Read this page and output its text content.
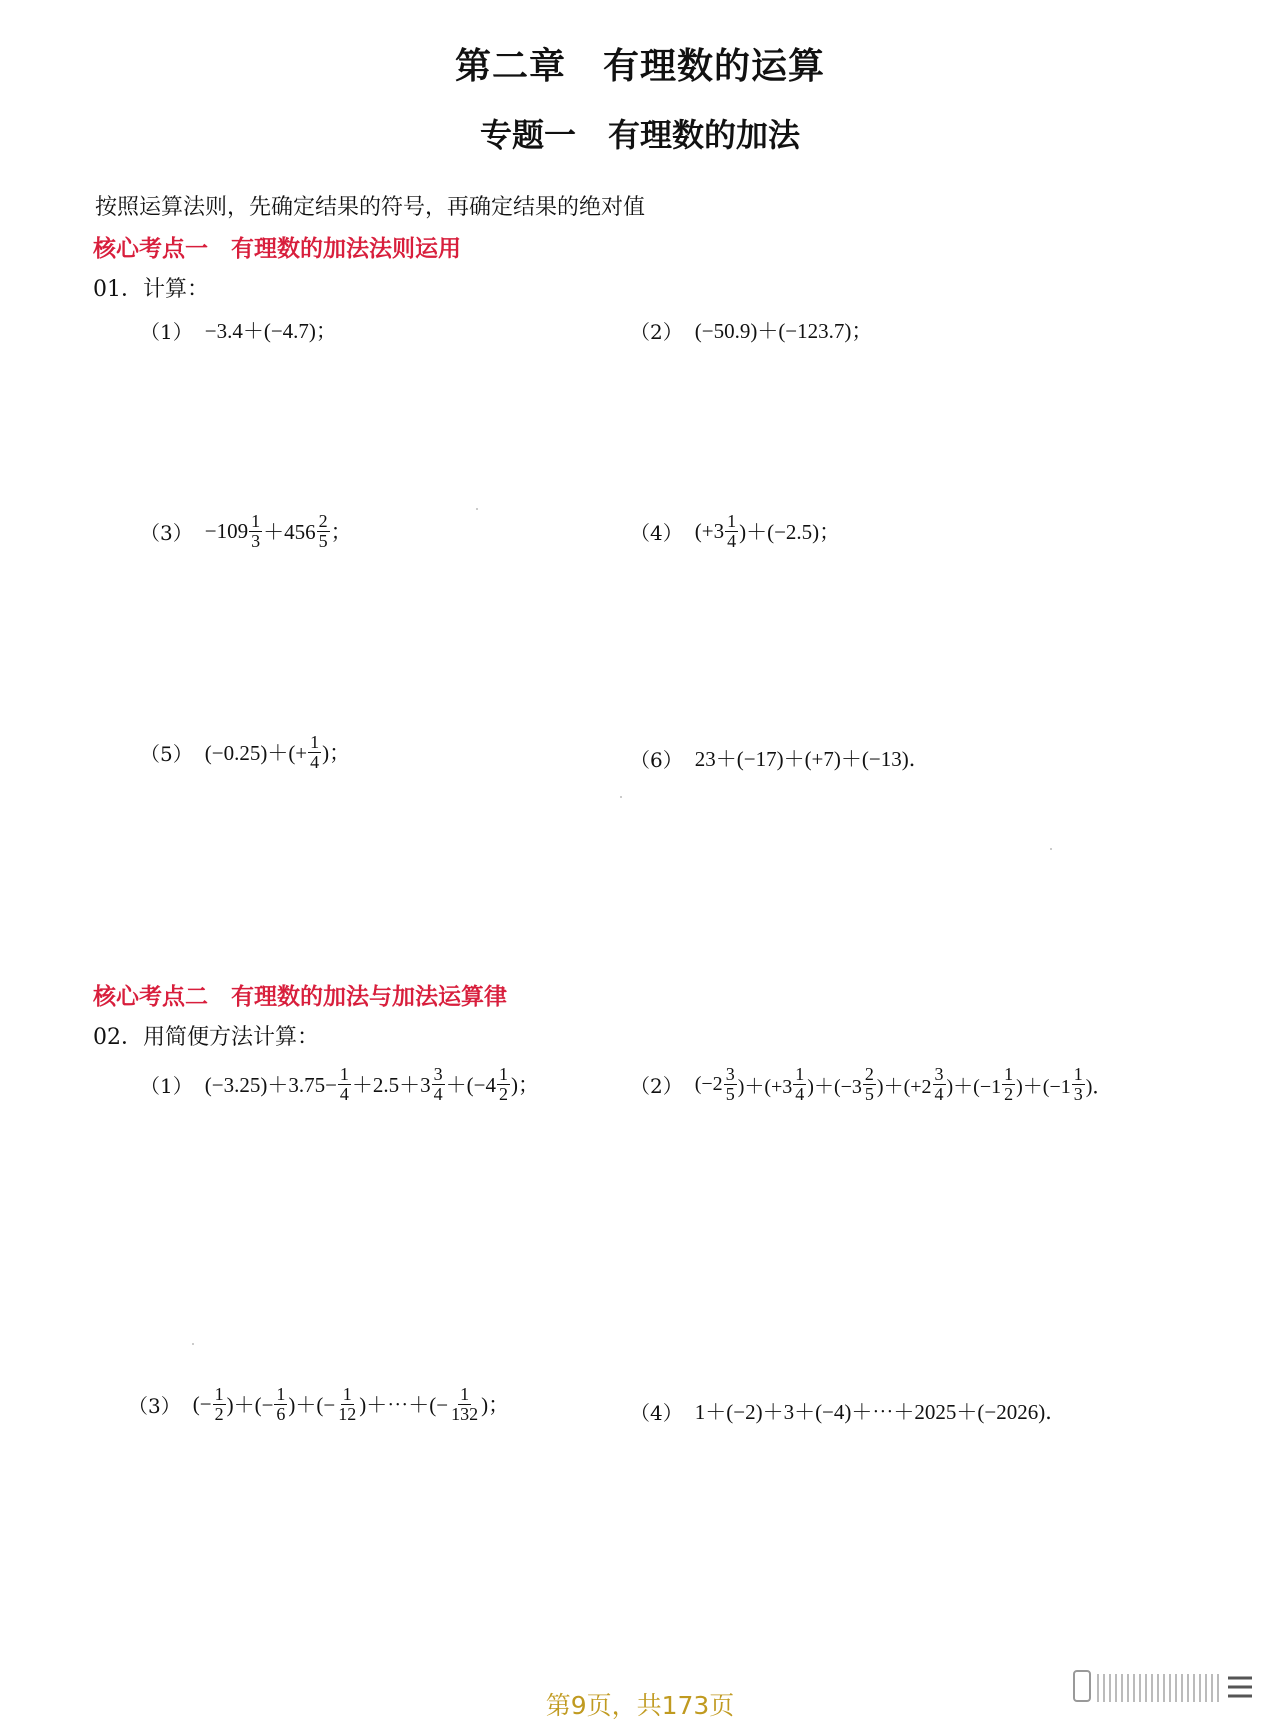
第二章　有理数的运算
专题一　有理数的加法
按照运算法则，先确定结果的符号，再确定结果的绝对值
核心考点一　有理数的加法法则运用
01．计算：
（1） −3.4＋(−4.7)；	（2） (−50.9)＋(−123.7)；
$(3) -109 \frac{1}{3} +456 \frac{2}{5}$ ；	（4） $(+3 \frac{1}{4} )+(-2.5)$；
（5） $(-0.25)+(+ \frac{1}{4}$ )；	（6） 23＋(−17)＋(+7)＋(−13)．
核心考点二　有理数的加法与加法运算律
02．用简便方法计算：
（1） $(-3.25)+3.75- \frac{1}{4} +2.5+3 \frac{3}{4} +(-4 \frac{1}{2}$ )；	（2） $(-2 \frac{3}{5} )+(+3 \frac{1}{4} )+(-3 \frac{2}{5} )+(+2 \frac{3}{4} )+(-1 \frac{1}{2} )+(-1 \frac{1}{3}$ )．
（3） (− $\frac{1}{2}$ )＋(− $\frac{1}{6}$ )＋(− $\frac{1}{12}$ )＋⋯＋(− $\frac{1}{132}$ )；	（4） 1＋(−2)＋3＋(−4)＋⋯＋2025＋(−2026)．
第9页，共173页
